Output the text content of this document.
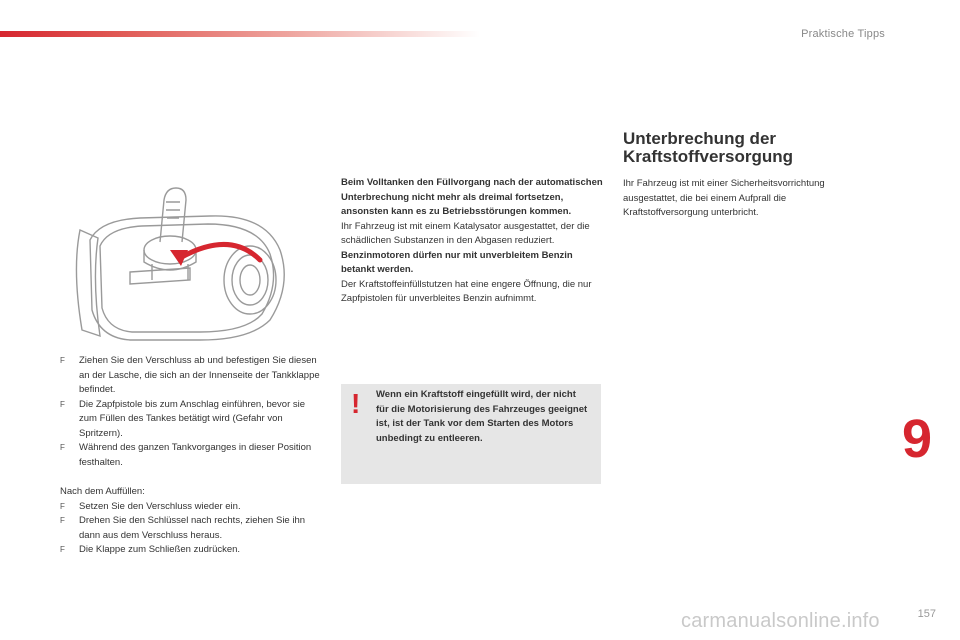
Praktische Tipps
F Ziehen Sie den Verschluss ab und befestigen Sie diesen an der Lasche, die sich an der Innenseite der Tankklappe befindet.
F Die Zapfpistole bis zum Anschlag einführen, bevor sie zum Füllen des Tankes betätigt wird (Gefahr von Spritzern).
F Während des ganzen Tankvorganges in dieser Position festhalten.

Nach dem Auffüllen:

F Setzen Sie den Verschluss wieder ein.
F Drehen Sie den Schlüssel nach rechts, ziehen Sie ihn dann aus dem Verschluss heraus.
F Die Klappe zum Schließen zudrücken.

Beim Volltanken den Füllvorgang nach der automatischen Unterbrechung nicht mehr als dreimal fortsetzen, ansonsten kann es zu Betriebsstörungen kommen.

Ihr Fahrzeug ist mit einem Katalysator ausgestattet, der die schädlichen Substanzen in den Abgasen reduziert.

Benzinmotoren dürfen nur mit unverbleitem Benzin betankt werden.

Der Kraftstoffeinfüllstutzen hat eine engere Öffnung, die nur Zapfpistolen für unverbleites Benzin aufnimmt.

! Wenn ein Kraftstoff eingefüllt wird, der nicht für die Motorisierung des Fahrzeuges geeignet ist, ist der Tank vor dem Starten des Motors unbedingt zu entleeren.
Unterbrechung der Kraftstoffversorgung

Ihr Fahrzeug ist mit einer Sicherheitsvorrichtung ausgestattet, die bei einem Aufprall die Kraftstoffversorgung unterbricht.

9
157
carmanualsonline.info
